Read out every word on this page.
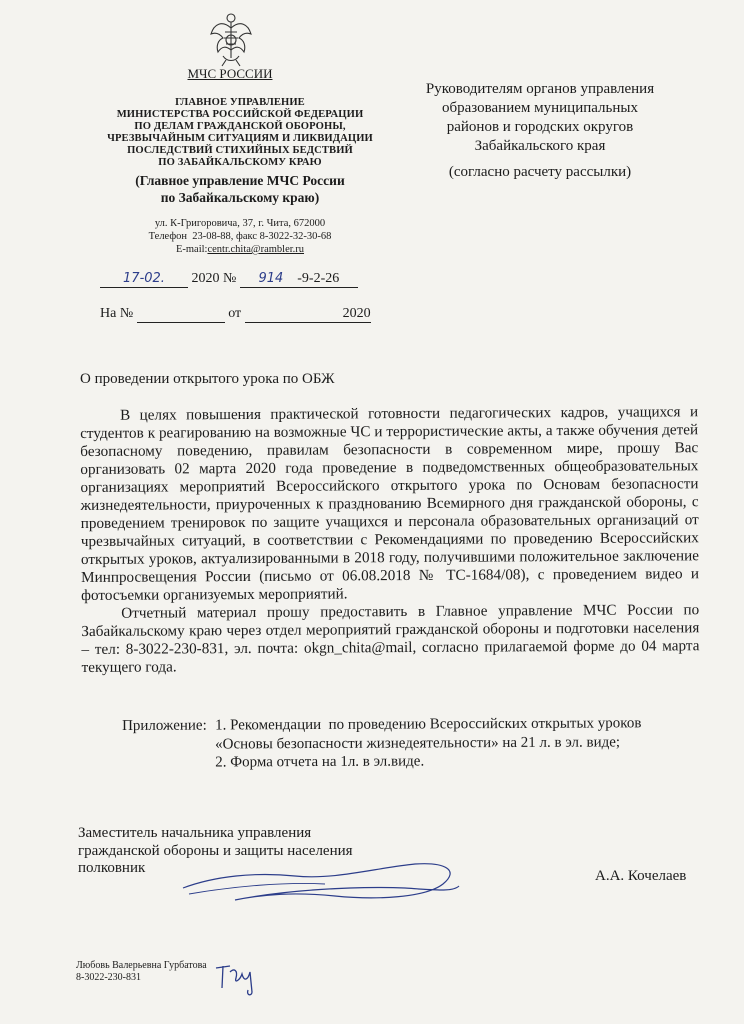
МЧС РОССИИ
ГЛАВНОЕ УПРАВЛЕНИЕ
МИНИСТЕРСТВА РОССИЙСКОЙ ФЕДЕРАЦИИ
ПО ДЕЛАМ ГРАЖДАНСКОЙ ОБОРОНЫ,
ЧРЕЗВЫЧАЙНЫМ СИТУАЦИЯМ И ЛИКВИДАЦИИ
ПОСЛЕДСТВИЙ СТИХИЙНЫХ БЕДСТВИЙ
ПО ЗАБАЙКАЛЬСКОМУ КРАЮ
(Главное управление МЧС России
по Забайкальскому краю)
ул. К-Григоровича, 37, г. Чита, 672000
Телефон  23-08-88, факс 8-3022-32-30-68
E-mail:centr.chita@rambler.ru
17-02. 2020 № 914 -9-2-26
На №	от	2020
Руководителям органов управления
образованием муниципальных
районов и городских округов
Забайкальского края
(согласно расчету рассылки)
О проведении открытого урока по ОБЖ

В целях повышения практической готовности педагогических кадров, учащихся и студентов к реагированию на возможные ЧС и террористические акты, а также обучения детей безопасному поведению, правилам безопасности в современном мире, прошу Вас организовать 02 марта 2020 года проведение в подведомственных общеобразовательных организациях мероприятий Всероссийского открытого урока по Основам безопасности жизнедеятельности, приуроченных к празднованию Всемирного дня гражданской обороны, с проведением тренировок по защите учащихся и персонала образовательных организаций от чрезвычайных ситуаций, в соответствии с Рекомендациями по проведению Всероссийских открытых уроков, актуализированными в 2018 году, получившими положительное заключение Минпросвещения России (письмо от 06.08.2018 № ТС-1684/08), с проведением видео и фотосъемки организуемых мероприятий.

Отчетный материал прошу предоставить в Главное управление МЧС России по Забайкальскому краю через отдел мероприятий гражданской обороны и подготовки населения – тел: 8-3022-230-831, эл. почта: okgn_chita@mail, согласно прилагаемой форме до 04 марта текущего года.

Приложение: 1. Рекомендации  по проведению Всероссийских открытых уроков
«Основы безопасности жизнедеятельности» на 21 л. в эл. виде;
2. Форма отчета на 1л. в эл.виде.
Заместитель начальника управления
гражданской обороны и защиты населения
полковник	А.А. Кочелаев
Любовь Валерьевна Гурбатова
8-3022-230-831
